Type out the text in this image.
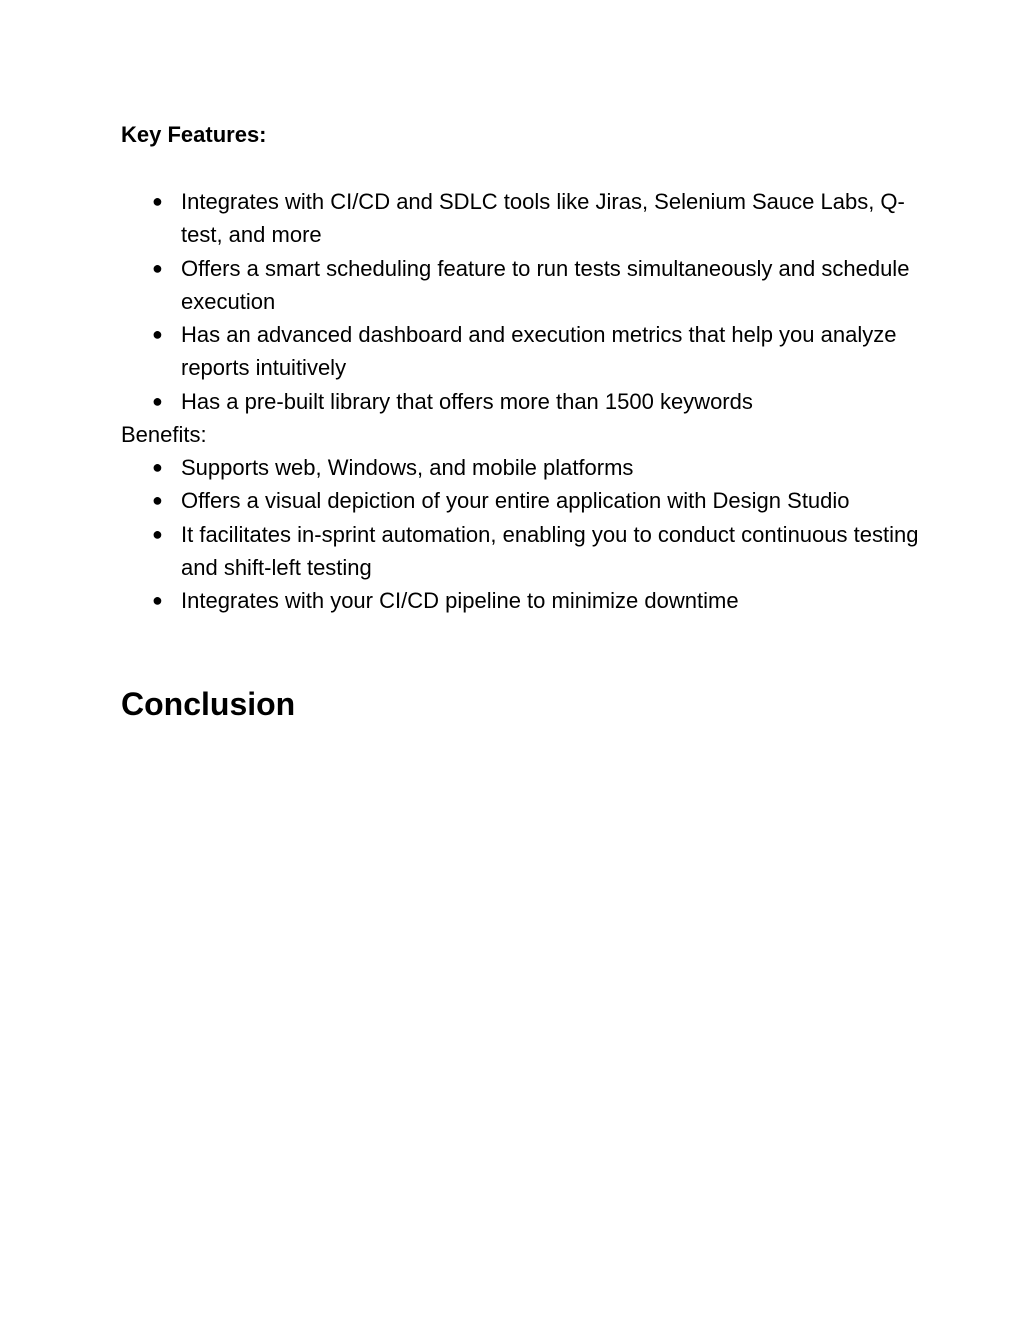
Key Features:
● Integrates with CI/CD and SDLC tools like Jiras, Selenium Sauce Labs, Q-test, and more
● Offers a smart scheduling feature to run tests simultaneously and schedule execution
● Has an advanced dashboard and execution metrics that help you analyze reports intuitively
● Has a pre-built library that offers more than 1500 keywords

Benefits:

● Supports web, Windows, and mobile platforms
● Offers a visual depiction of your entire application with Design Studio
● It facilitates in-sprint automation, enabling you to conduct continuous testing and shift-left testing
● Integrates with your CI/CD pipeline to minimize downtime
Conclusion
